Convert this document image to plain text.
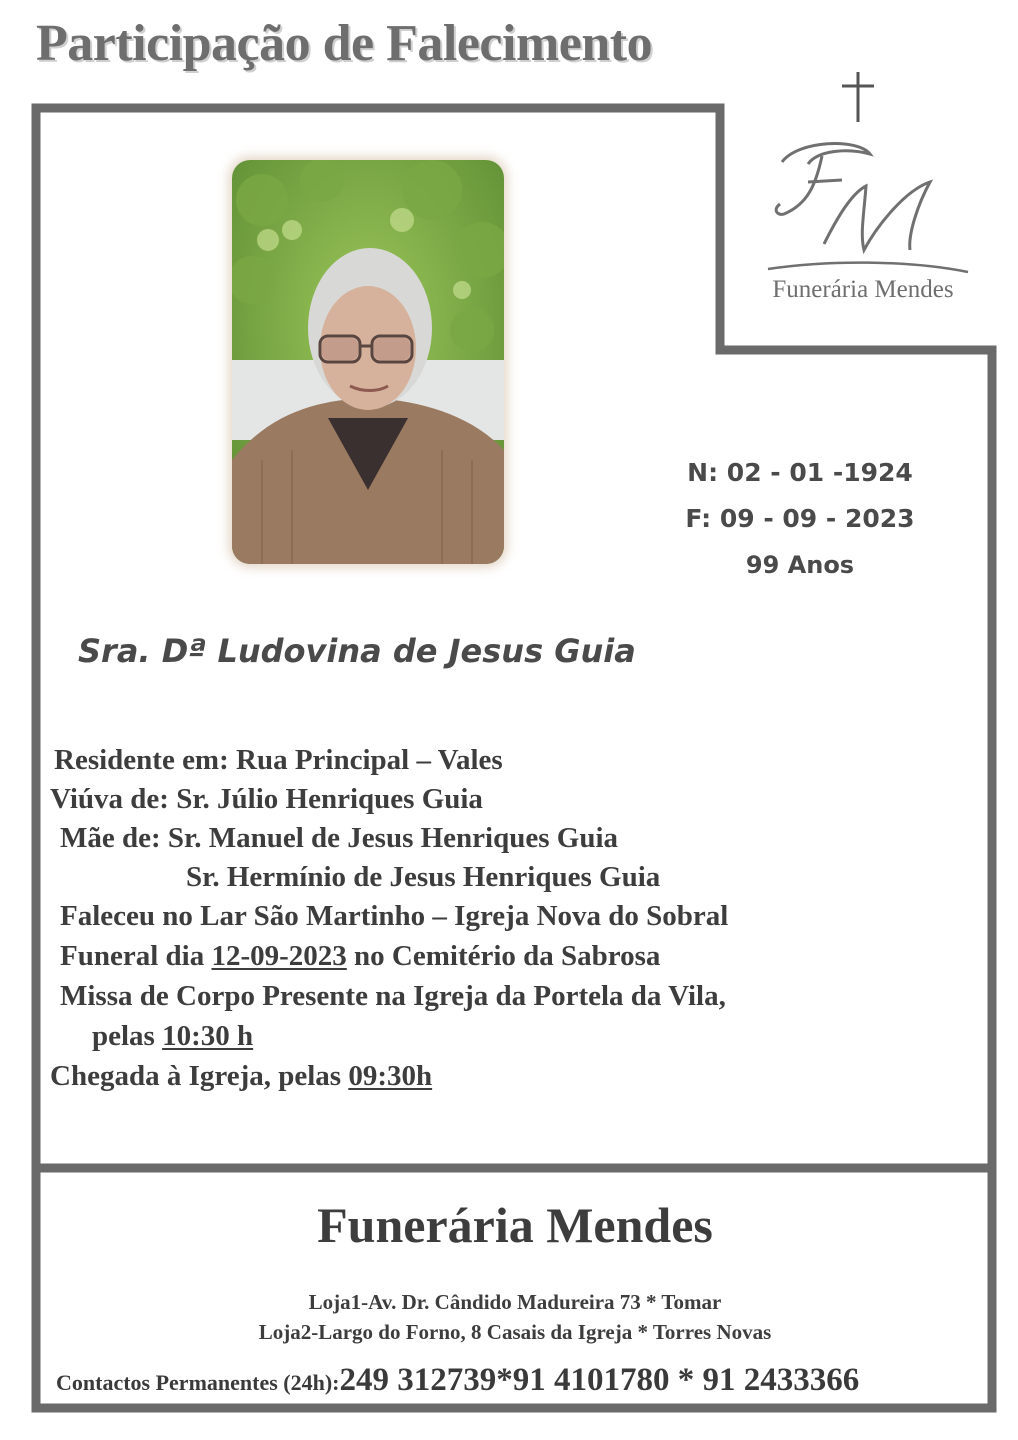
Participação de Falecimento
Funerária Mendes
N: 02 - 01 -1924
F: 09 - 09 - 2023
99 Anos
Sra. Dª Ludovina de Jesus Guia
Residente em: Rua Principal – Vales
Viúva de: Sr. Júlio Henriques Guia
Mãe de: Sr. Manuel de Jesus Henriques Guia
Sr. Hermínio de Jesus Henriques Guia
Faleceu no Lar São Martinho – Igreja Nova do Sobral
Funeral dia 12-09-2023 no Cemitério da Sabrosa
Missa de Corpo Presente na Igreja da Portela da Vila,
pelas 10:30 h
Chegada à Igreja, pelas 09:30h
Funerária Mendes
Loja1-Av. Dr. Cândido Madureira 73 * Tomar
Loja2-Largo do Forno, 8 Casais da Igreja * Torres Novas
Contactos Permanentes (24h):249 312739*91 4101780 * 91 2433366
